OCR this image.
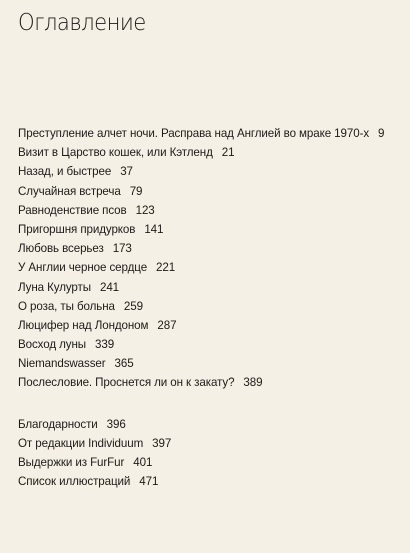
Оглавление
Преступление алчет ночи. Расправа над Англией во мраке 1970-х 9
Визит в Царство кошек, или Кэтленд 21
Назад, и быстрее 37
Случайная встреча 79
Равноденствие псов 123
Пригоршня придурков 141
Любовь всерьез 173
У Англии черное сердце 221
Луна Кулурты 241
О роза, ты больна 259
Люцифер над Лондоном 287
Восход луны 339
Niemandswasser 365
Послесловие. Проснется ли он к закату? 389
Благодарности 396
От редакции Individuum 397
Выдержки из FurFur 401
Список иллюстраций 471
